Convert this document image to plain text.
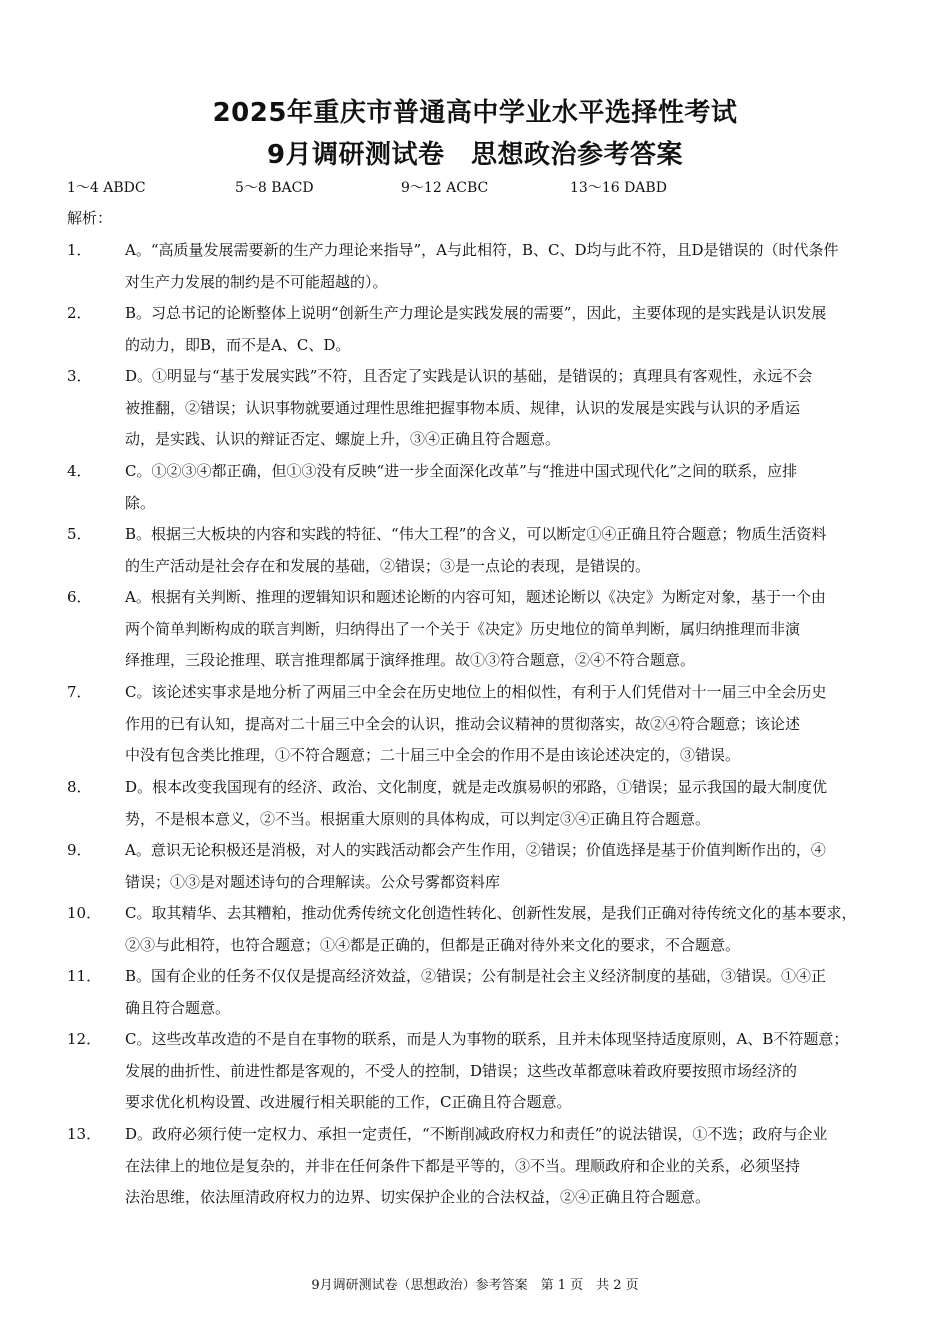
2025年重庆市普通高中学业水平选择性考试
9月调研测试卷　思想政治参考答案
1～4 ABDC	5～8 BACD	9～12 ACBC	13～16 DABD
解析：
1． A。“高质量发展需要新的生产力理论来指导”，A与此相符，B、C、D均与此不符，且D是错误的（时代条件
对生产力发展的制约是不可能超越的）。
2． B。习总书记的论断整体上说明“创新生产力理论是实践发展的需要”，因此，主要体现的是实践是认识发展
的动力，即B，而不是A、C、D。
3． D。①明显与“基于发展实践”不符，且否定了实践是认识的基础，是错误的；真理具有客观性，永远不会
被推翻，②错误；认识事物就要通过理性思维把握事物本质、规律，认识的发展是实践与认识的矛盾运
动，是实践、认识的辩证否定、螺旋上升，③④正确且符合题意。
4． C。①②③④都正确，但①③没有反映“进一步全面深化改革”与“推进中国式现代化”之间的联系，应排
除。
5． B。根据三大板块的内容和实践的特征、“伟大工程”的含义，可以断定①④正确且符合题意；物质生活资料
的生产活动是社会存在和发展的基础，②错误；③是一点论的表现，是错误的。
6． A。根据有关判断、推理的逻辑知识和题述论断的内容可知，题述论断以《决定》为断定对象，基于一个由
两个简单判断构成的联言判断，归纳得出了一个关于《决定》历史地位的简单判断，属归纳推理而非演
绎推理，三段论推理、联言推理都属于演绎推理。故①③符合题意，②④不符合题意。
7． C。该论述实事求是地分析了两届三中全会在历史地位上的相似性，有利于人们凭借对十一届三中全会历史
作用的已有认知，提高对二十届三中全会的认识，推动会议精神的贯彻落实，故②④符合题意；该论述
中没有包含类比推理，①不符合题意；二十届三中全会的作用不是由该论述决定的，③错误。
8． D。根本改变我国现有的经济、政治、文化制度，就是走改旗易帜的邪路，①错误；显示我国的最大制度优
势，不是根本意义，②不当。根据重大原则的具体构成，可以判定③④正确且符合题意。
9． A。意识无论积极还是消极，对人的实践活动都会产生作用，②错误；价值选择是基于价值判断作出的，④
错误；①③是对题述诗句的合理解读。公众号雾都资料库
10． C。取其精华、去其糟粕，推动优秀传统文化创造性转化、创新性发展，是我们正确对待传统文化的基本要求，
②③与此相符，也符合题意；①④都是正确的，但都是正确对待外来文化的要求，不合题意。
11． B。国有企业的任务不仅仅是提高经济效益，②错误；公有制是社会主义经济制度的基础，③错误。①④正
确且符合题意。
12． C。这些改革改造的不是自在事物的联系，而是人为事物的联系，且并未体现坚持适度原则，A、B不符题意；
发展的曲折性、前进性都是客观的，不受人的控制，D错误；这些改革都意味着政府要按照市场经济的
要求优化机构设置、改进履行相关职能的工作，C正确且符合题意。
13． D。政府必须行使一定权力、承担一定责任，“不断削减政府权力和责任”的说法错误，①不选；政府与企业
在法律上的地位是复杂的，并非在任何条件下都是平等的，③不当。理顺政府和企业的关系，必须坚持
法治思维，依法厘清政府权力的边界、切实保护企业的合法权益，②④正确且符合题意。
9月调研测试卷（思想政治）参考答案　第 1 页　共 2 页
